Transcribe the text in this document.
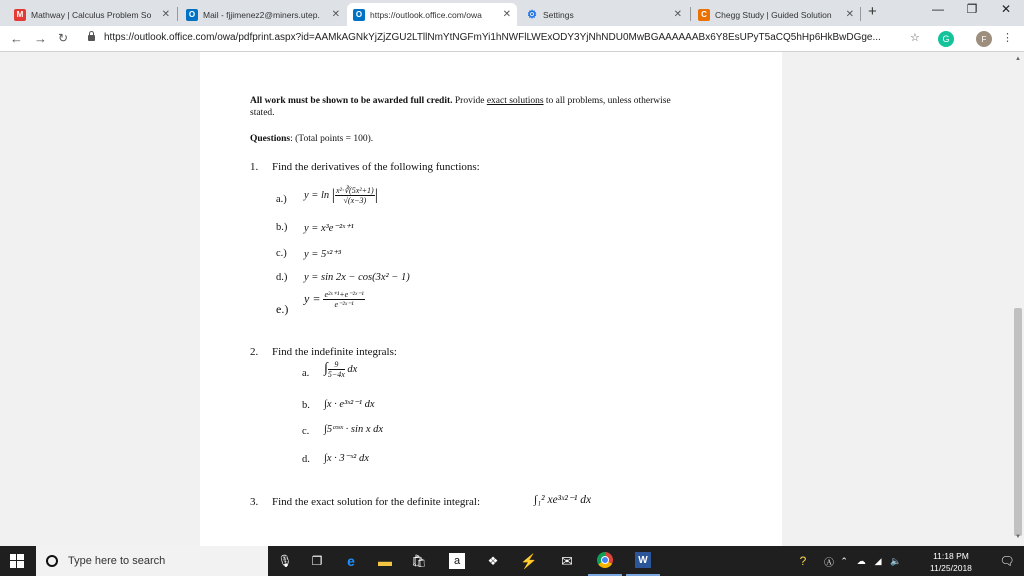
M Mathway | Calculus Problem So	✕	O Mail - fjjimenez2@miners.utep.	✕	O https://outlook.office.com/owa	✕ ⚙ Settings	✕	C Chegg Study | Guided Solution	✕ +	—	❐	✕
← → ↻	https://outlook.office.com/owa/pdfprint.aspx?id=AAMkAGNkYjZjZGU2LTllNmYtNGFmYi1hNWFlLWExODY3YjNhNDU0MwBGAAAAAABx6Y8EsUPyT5aCQ5hHp6HkBwDGge...	☆	G	F	⋮
All work must be shown to be awarded full credit. Provide exact solutions to all problems, unless otherwise
stated.
Questions: (Total points = 100).
1. Find the derivatives of the following functions:
a.) y = ln | $\frac{\text{x²·∛(5x²+1)}}{√(x-3)}$ |
b.) y = x³e⁻²ˣ⁺¹
c.) y = 5ˣ²⁺³
d.) y = sin 2x − cos(3x² − 1)
e.)
$y = \frac{\text{e²ˣ⁺¹+e⁻²ˣ⁻¹}}{\text{e⁻²ˣ⁻¹}}$
2. Find the indefinite integrals:
a. ∫ $\frac{9}{5-4x}$ dx
b. ∫x · e³ˣ²⁻¹ dx
c. ∫5ᶜᵒˢˣ · sin x dx
d. ∫x · 3⁻ˣ² dx
3. Find the exact solution for the definite integral:	∫₁² xe³ˣ²⁻¹ dx
▲
▼
Type here to search	🎙	❐	e	▬	🛍	a	❖	⚡	✉	W	?	Ⓐ ⌃ ☁ ◢ 🔈	11:18 PM
11/25/2018	🗨
